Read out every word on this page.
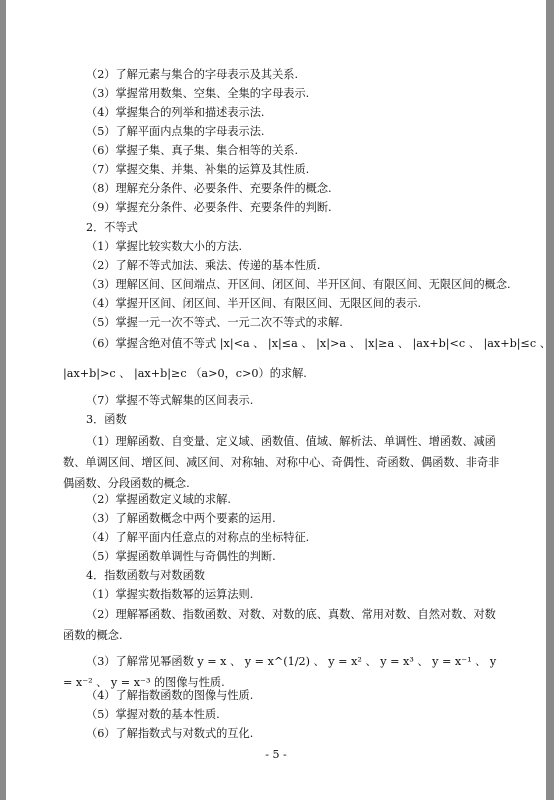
（2）了解元素与集合的字母表示及其关系.
（3）掌握常用数集、空集、全集的字母表示.
（4）掌握集合的列举和描述表示法.
（5）了解平面内点集的字母表示法.
（6）掌握子集、真子集、集合相等的关系.
（7）掌握交集、并集、补集的运算及其性质.
（8）理解充分条件、必要条件、充要条件的概念.
（9）掌握充分条件、必要条件、充要条件的判断.
2．不等式
（1）掌握比较实数大小的方法.
（2）了解不等式加法、乘法、传递的基本性质.
（3）理解区间、区间端点、开区间、闭区间、半开区间、有限区间、无限区间的概念.
（4）掌握开区间、闭区间、半开区间、有限区间、无限区间的表示.
（5）掌握一元一次不等式、一元二次不等式的求解.
（6）掌握含绝对值不等式 |x|<a 、 |x|≤a 、 |x|>a 、 |x|≥a 、 |ax+b|<c 、 |ax+b|≤c 、
|ax+b|>c 、 |ax+b|≥c （a>0，c>0）的求解.
（7）掌握不等式解集的区间表示.
3．函数
（1）理解函数、自变量、定义域、函数值、值域、解析法、单调性、增函数、减函数、单调区间、增区间、减区间、对称轴、对称中心、奇偶性、奇函数、偶函数、非奇非偶函数、分段函数的概念.
（2）掌握函数定义域的求解.
（3）了解函数概念中两个要素的运用.
（4）了解平面内任意点的对称点的坐标特征.
（5）掌握函数单调性与奇偶性的判断.
4．指数函数与对数函数
（1）掌握实数指数幂的运算法则.
（2）理解幂函数、指数函数、对数、对数的底、真数、常用对数、自然对数、对数函数的概念.
（3）了解常见幂函数 y = x 、 y = x^(1/2) 、 y = x² 、 y = x³ 、 y = x⁻¹ 、 y = x⁻² 、 y = x⁻³ 的图像与性质.
（4）了解指数函数的图像与性质.
（5）掌握对数的基本性质.
（6）了解指数式与对数式的互化.
- 5 -
